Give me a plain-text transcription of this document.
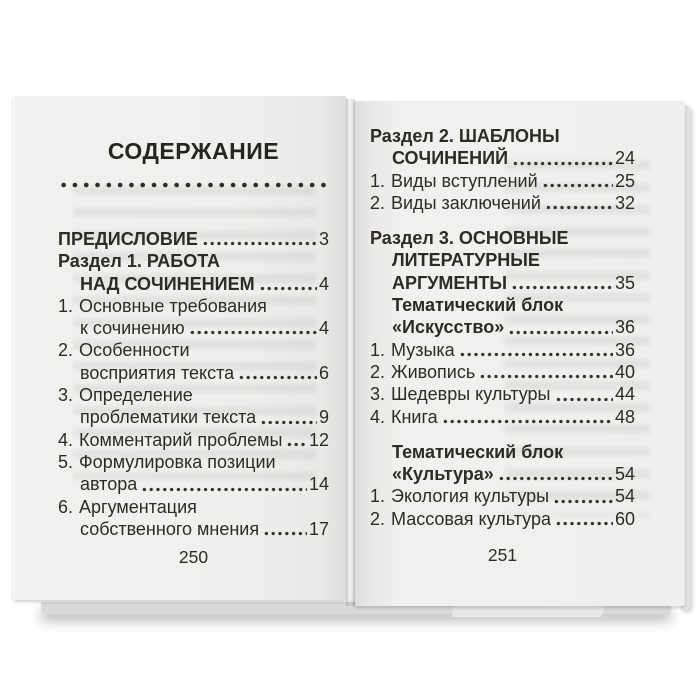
СОДЕРЖАНИЕ
ПРЕДИСЛОВИЕ	3
Раздел 1. РАБОТА
НАД СОЧИНЕНИЕМ	4
1. Основные требования
к сочинению	4
2. Особенности
восприятия текста	6
3. Определение
проблематики текста	9
4. Комментарий проблемы 12
5. Формулировка позиции
автора	14
6. Аргументация
собственного мнения	17
250
Раздел 2. ШАБЛОНЫ
СОЧИНЕНИЙ	24
1. Виды вступлений	25
2. Виды заключений	32
Раздел 3. ОСНОВНЫЕ
ЛИТЕРАТУРНЫЕ
АРГУМЕНТЫ	35
Тематический блок
«Искусство»	36
1. Музыка	36
2. Живопись	40
3. Шедевры культуры	44
4. Книга	48
Тематический блок
«Культура»	54
1. Экология культуры	54
2. Массовая культура	60
251
